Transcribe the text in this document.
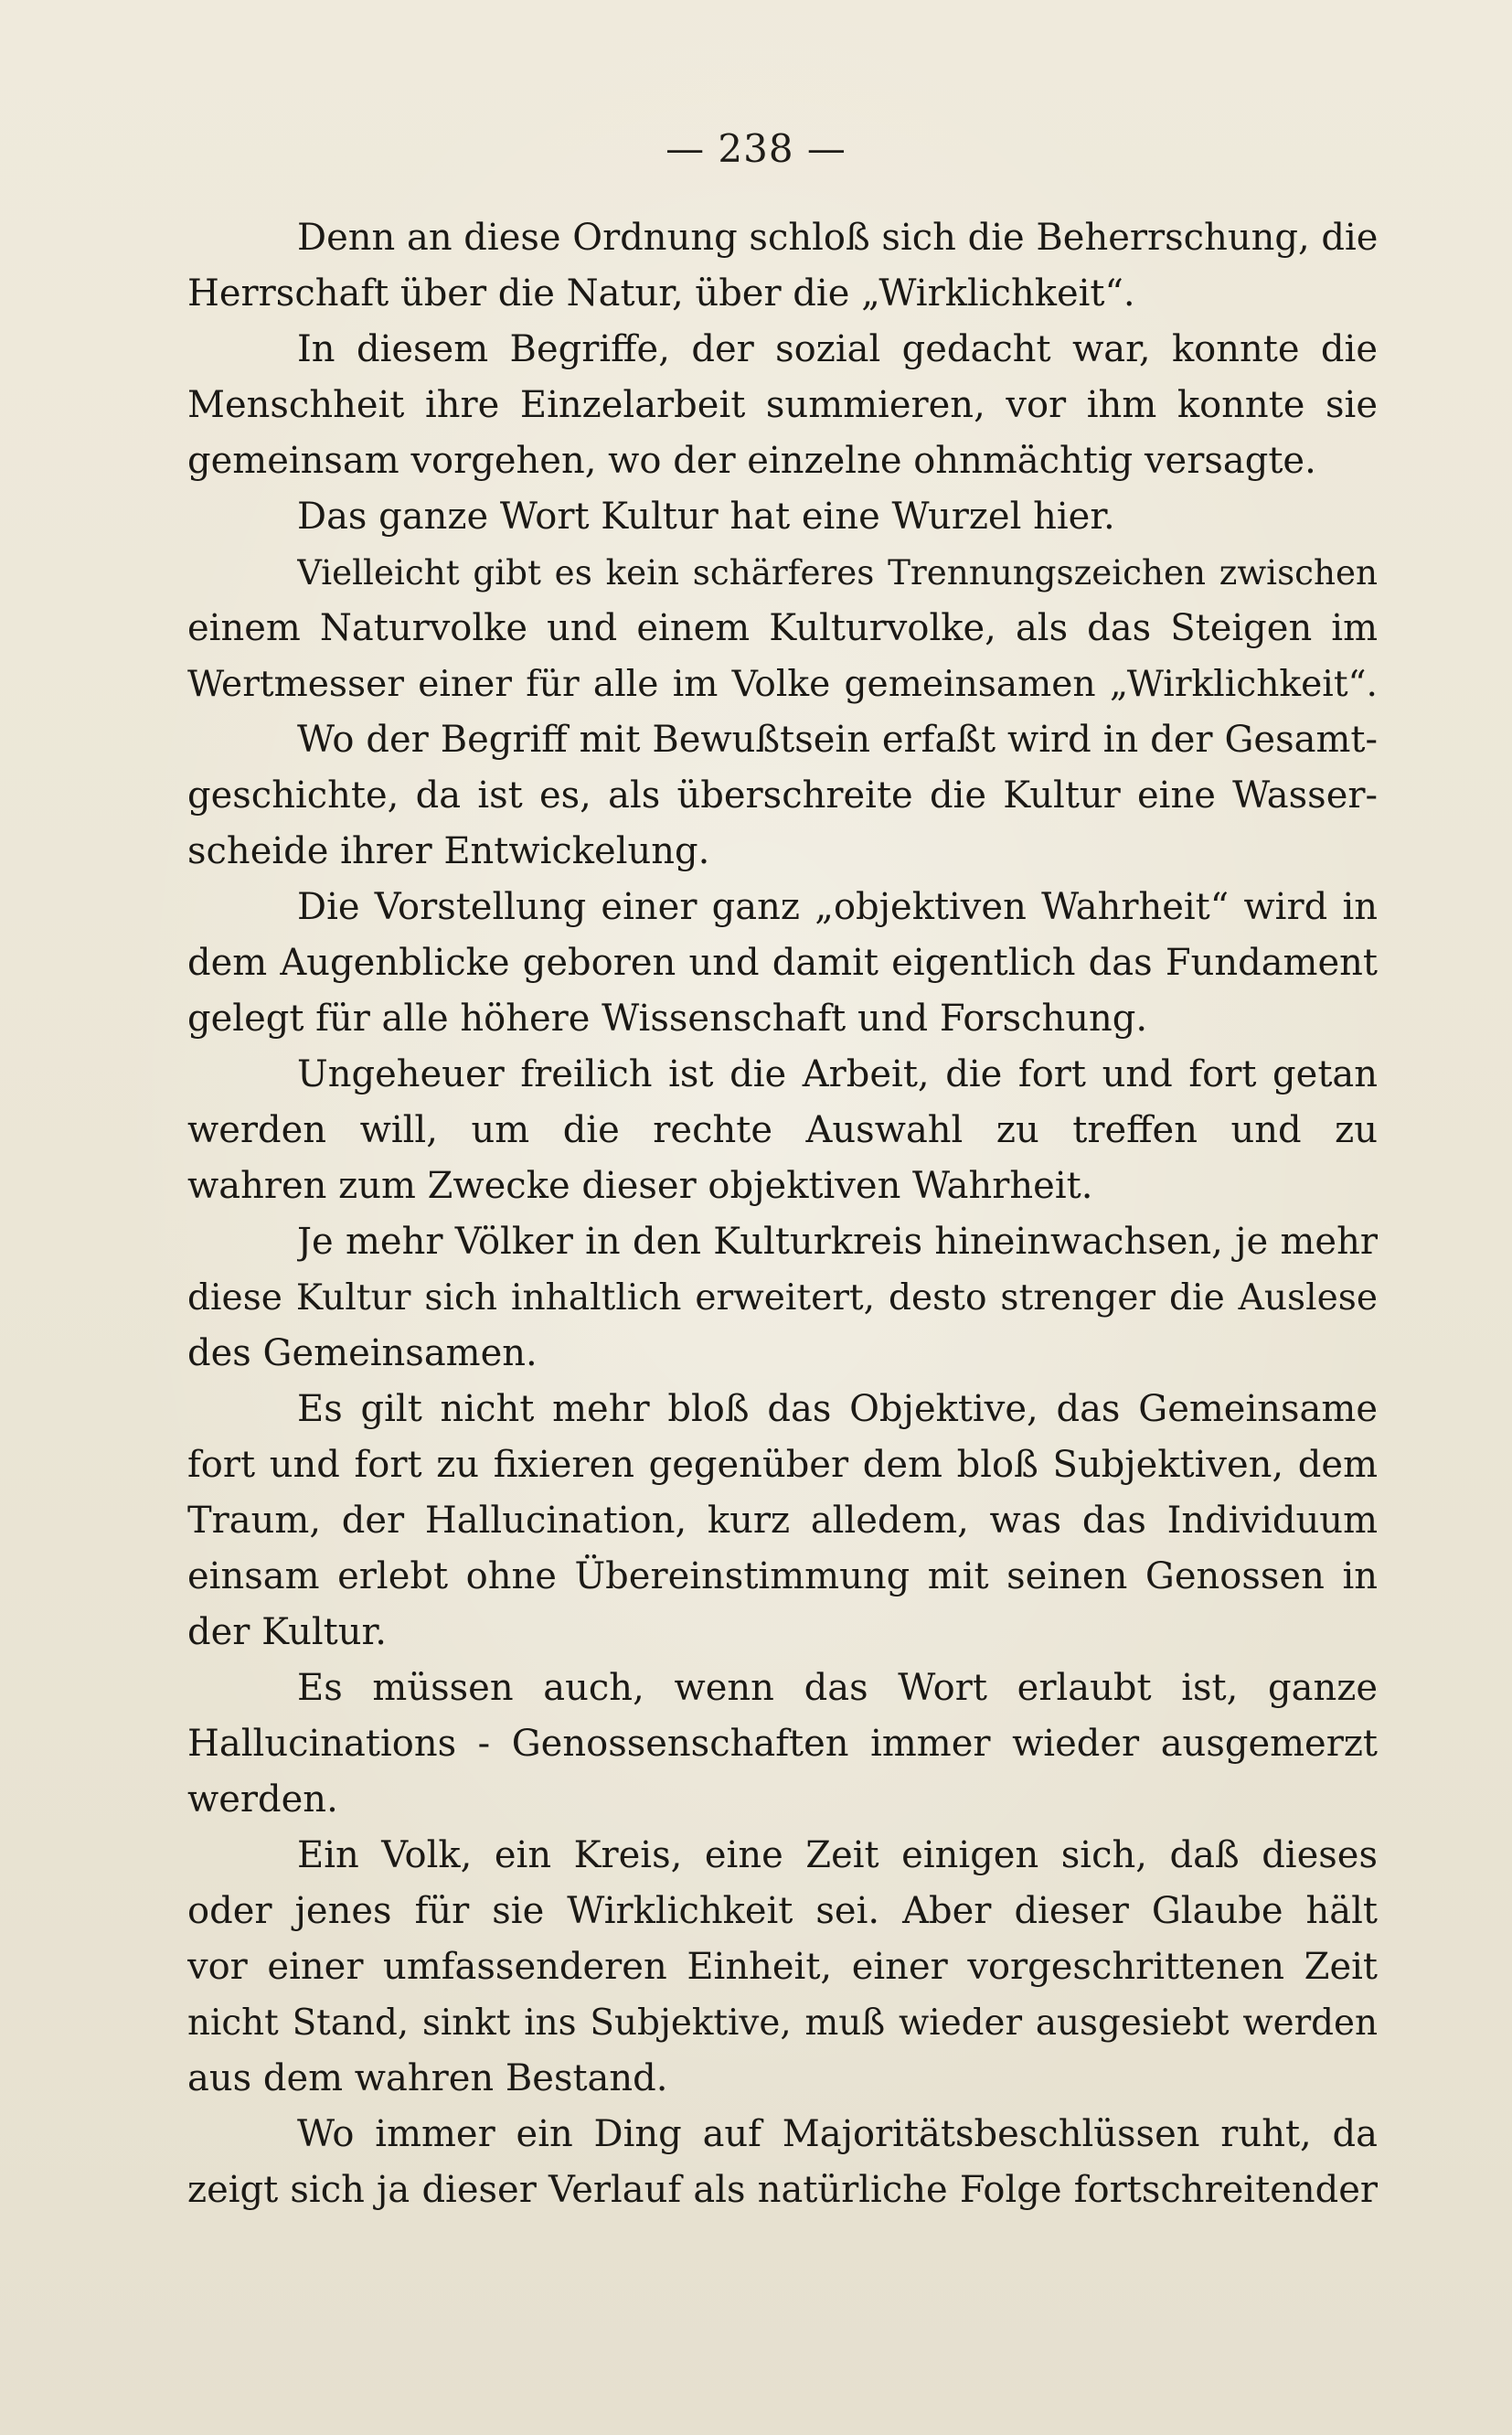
— 238 —
Denn an diese Ordnung schloß sich die Beherrschung, die
Herrschaft über die Natur, über die „Wirklichkeit“.
In diesem Begriffe, der sozial gedacht war, konnte die
Menschheit ihre Einzelarbeit summieren, vor ihm konnte sie
gemeinsam vorgehen, wo der einzelne ohnmächtig versagte.
Das ganze Wort Kultur hat eine Wurzel hier.
Vielleicht gibt es kein schärferes Trennungszeichen zwischen
einem Naturvolke und einem Kulturvolke, als das Steigen im
Wertmesser einer für alle im Volke gemeinsamen „Wirklichkeit“.
Wo der Begriff mit Bewußtsein erfaßt wird in der Gesamt-
geschichte, da ist es, als überschreite die Kultur eine Wasser-
scheide ihrer Entwickelung.
Die Vorstellung einer ganz „objektiven Wahrheit“ wird in
dem Augenblicke geboren und damit eigentlich das Fundament
gelegt für alle höhere Wissenschaft und Forschung.
Ungeheuer freilich ist die Arbeit, die fort und fort getan
werden will, um die rechte Auswahl zu treffen und zu
wahren zum Zwecke dieser objektiven Wahrheit.
Je mehr Völker in den Kulturkreis hineinwachsen, je mehr
diese Kultur sich inhaltlich erweitert, desto strenger die Auslese
des Gemeinsamen.
Es gilt nicht mehr bloß das Objektive, das Gemeinsame
fort und fort zu fixieren gegenüber dem bloß Subjektiven, dem
Traum, der Hallucination, kurz alledem, was das Individuum
einsam erlebt ohne Übereinstimmung mit seinen Genossen in
der Kultur.
Es müssen auch, wenn das Wort erlaubt ist, ganze
Hallucinations - Genossenschaften immer wieder ausgemerzt
werden.
Ein Volk, ein Kreis, eine Zeit einigen sich, daß dieses
oder jenes für sie Wirklichkeit sei. Aber dieser Glaube hält
vor einer umfassenderen Einheit, einer vorgeschrittenen Zeit
nicht Stand, sinkt ins Subjektive, muß wieder ausgesiebt werden
aus dem wahren Bestand.
Wo immer ein Ding auf Majoritätsbeschlüssen ruht, da
zeigt sich ja dieser Verlauf als natürliche Folge fortschreitender
